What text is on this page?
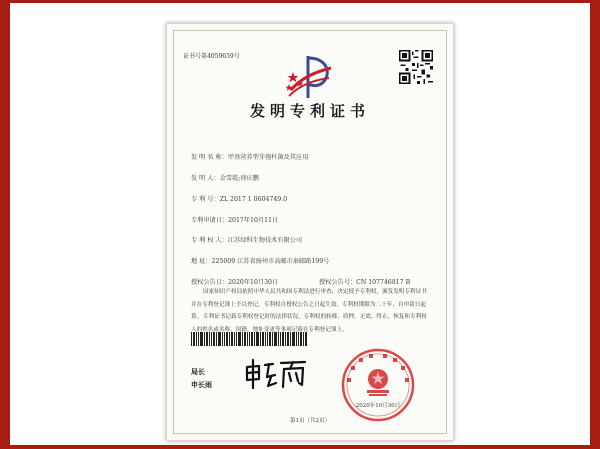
证书号第4059659号
发明专利证书
发 明 名 称：甲基营养型芽孢杆菌及其应用
发 明 人：金雪霞;徐庆鹏
专 利 号：ZL 2017 1 0604749.0
专利申请日：2017年10月11日
专 利 权 人：江苏绿科生物技术有限公司
地 址：225009 江苏省扬州市高邮市秦邮路199号
授权公告日：2020年10月30日	授权公告号：CN 107746817 B
国家知识产权局依照中华人民共和国专利法进行审查，决定授予专利权，颁发发明专利证书并在专利登记簿上予以登记。专利权自授权公告之日起生效。专利权期限为二十年，自申请日起算。 专利证书记载专利权登记时的法律状况。专利权的转移、质押、无效、终止、恢复和专利权人的姓名或名称、国籍、地址变更等事项记载在专利登记簿上。
局长
申长雨
2020年10月30日
第1页（共2页）
